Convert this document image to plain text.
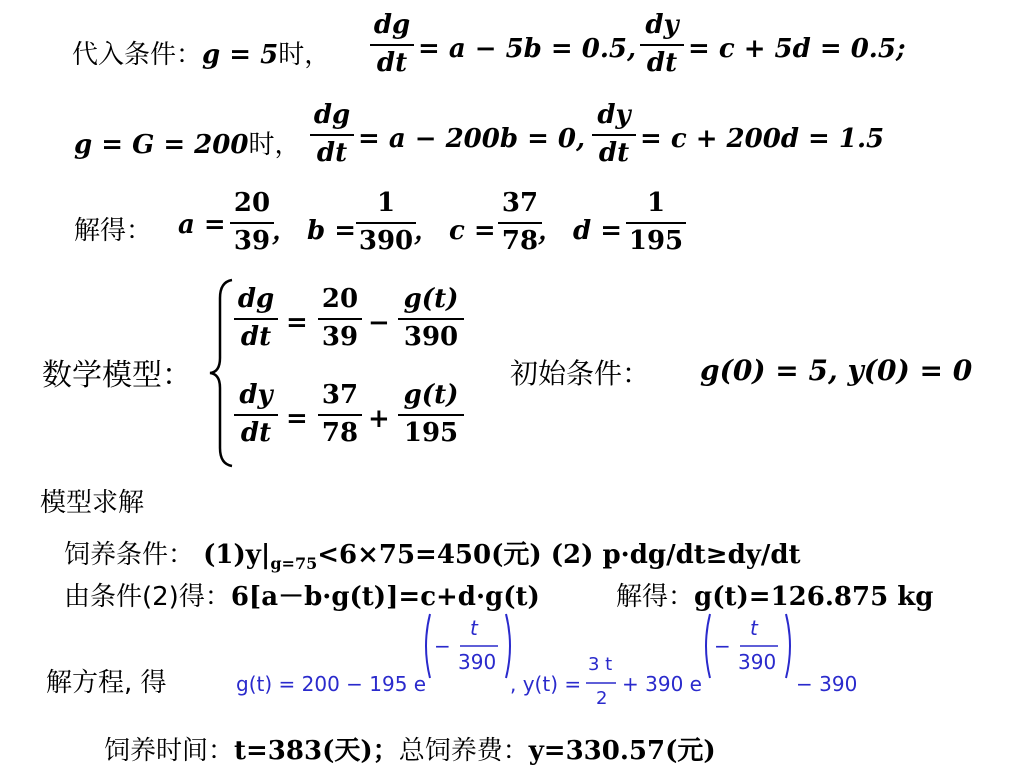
代入条件：g = 5时，
dg
dt = a − 5b = 0.5,
dy
dt = c + 5d = 0.5;
g = G = 200时，
dg
dt = a − 200b = 0,
dy
dt = c + 200d = 1.5
解得： a =
20
39 ， b =
1
390 ， c =
37
78 ， d =
1
195
数学模型：
dg
dt =
20
39 −
g(t)
390
dy
dt =
37
78 +
g(t)
195
初始条件： g(0) = 5, y(0) = 0
模型求解
饲养条件： $(1)y|_{g=75}<6\times 75=450$(元) (2) p·dg/dt≥dy/dt
由条件(2)得：6[a－b·g(t)]=c+d·g(t)	解得：g(t)=126.875 kg
解方程, 得	g(t) = 200 − 195 e
−
t
390
, y(t) =
3 t
2
+ 390 e
−
t
390
− 390
饲养时间：t=383(天)；总饲养费：y=330.57(元)
